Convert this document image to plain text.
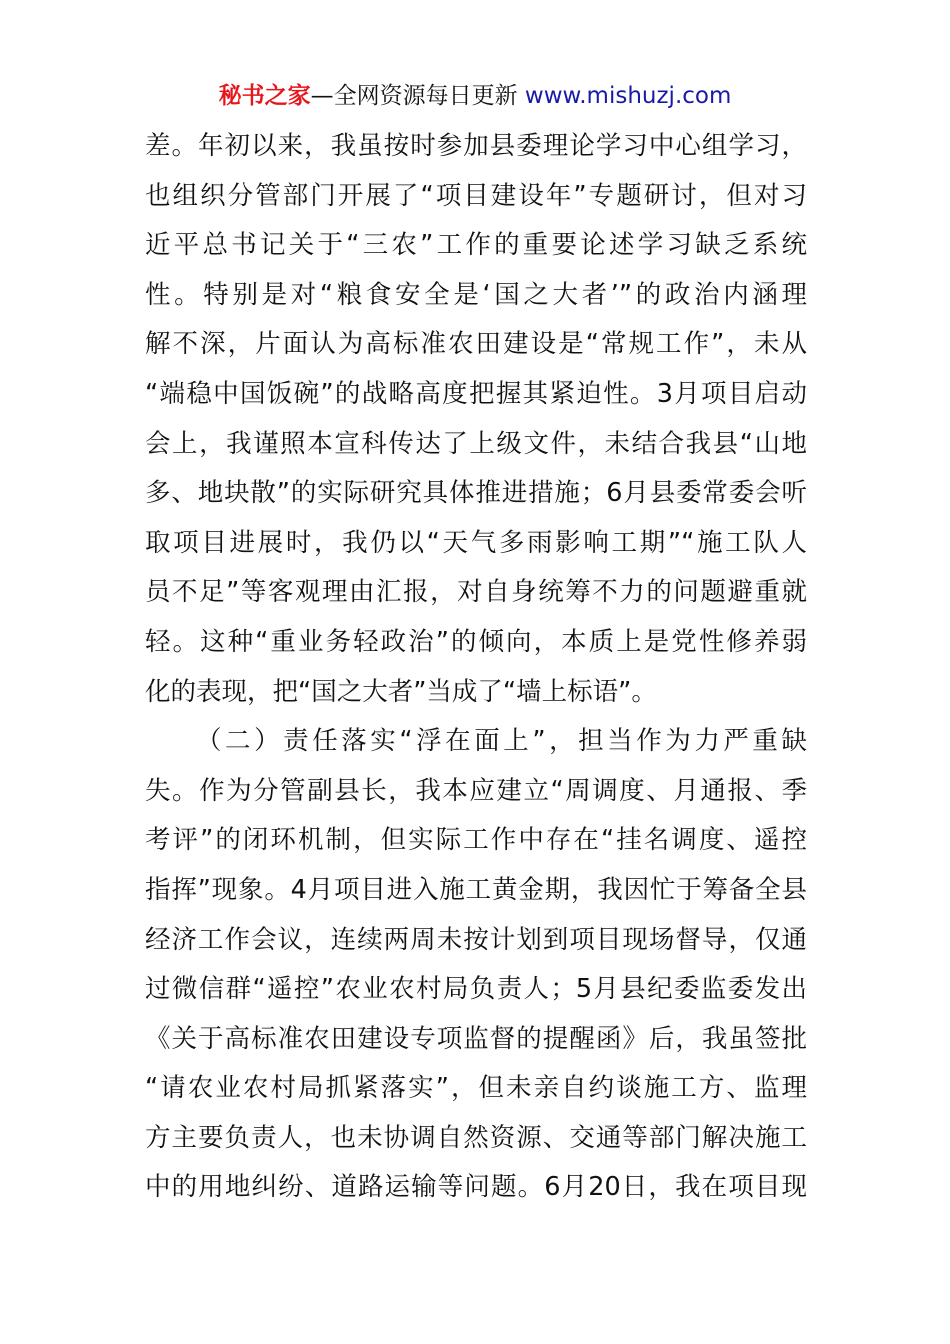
秘书之家—全网资源每日更新 www.mishuzj.com
差。年初以来，我虽按时参加县委理论学习中心组学习，
也组织分管部门开展了“项目建设年”专题研讨，但对习
近平总书记关于“三农”工作的重要论述学习缺乏系统
性。特别是对“粮食安全是‘国之大者’”的政治内涵理
解不深，片面认为高标准农田建设是“常规工作”，未从
“端稳中国饭碗”的战略高度把握其紧迫性。3月项目启动
会上，我谨照本宣科传达了上级文件，未结合我县“山地
多、地块散”的实际研究具体推进措施；6月县委常委会听
取项目进展时，我仍以“天气多雨影响工期”“施工队人
员不足”等客观理由汇报，对自身统筹不力的问题避重就
轻。这种“重业务轻政治”的倾向，本质上是党性修养弱
化的表现，把“国之大者”当成了“墙上标语”。
（二）责任落实“浮在面上”，担当作为力严重缺
失。作为分管副县长，我本应建立“周调度、月通报、季
考评”的闭环机制，但实际工作中存在“挂名调度、遥控
指挥”现象。4月项目进入施工黄金期，我因忙于筹备全县
经济工作会议，连续两周未按计划到项目现场督导，仅通
过微信群“遥控”农业农村局负责人；5月县纪委监委发出
《关于高标准农田建设专项监督的提醒函》后，我虽签批
“请农业农村局抓紧落实”，但未亲自约谈施工方、监理
方主要负责人，也未协调自然资源、交通等部门解决施工
中的用地纠纷、道路运输等问题。6月20日，我在项目现
